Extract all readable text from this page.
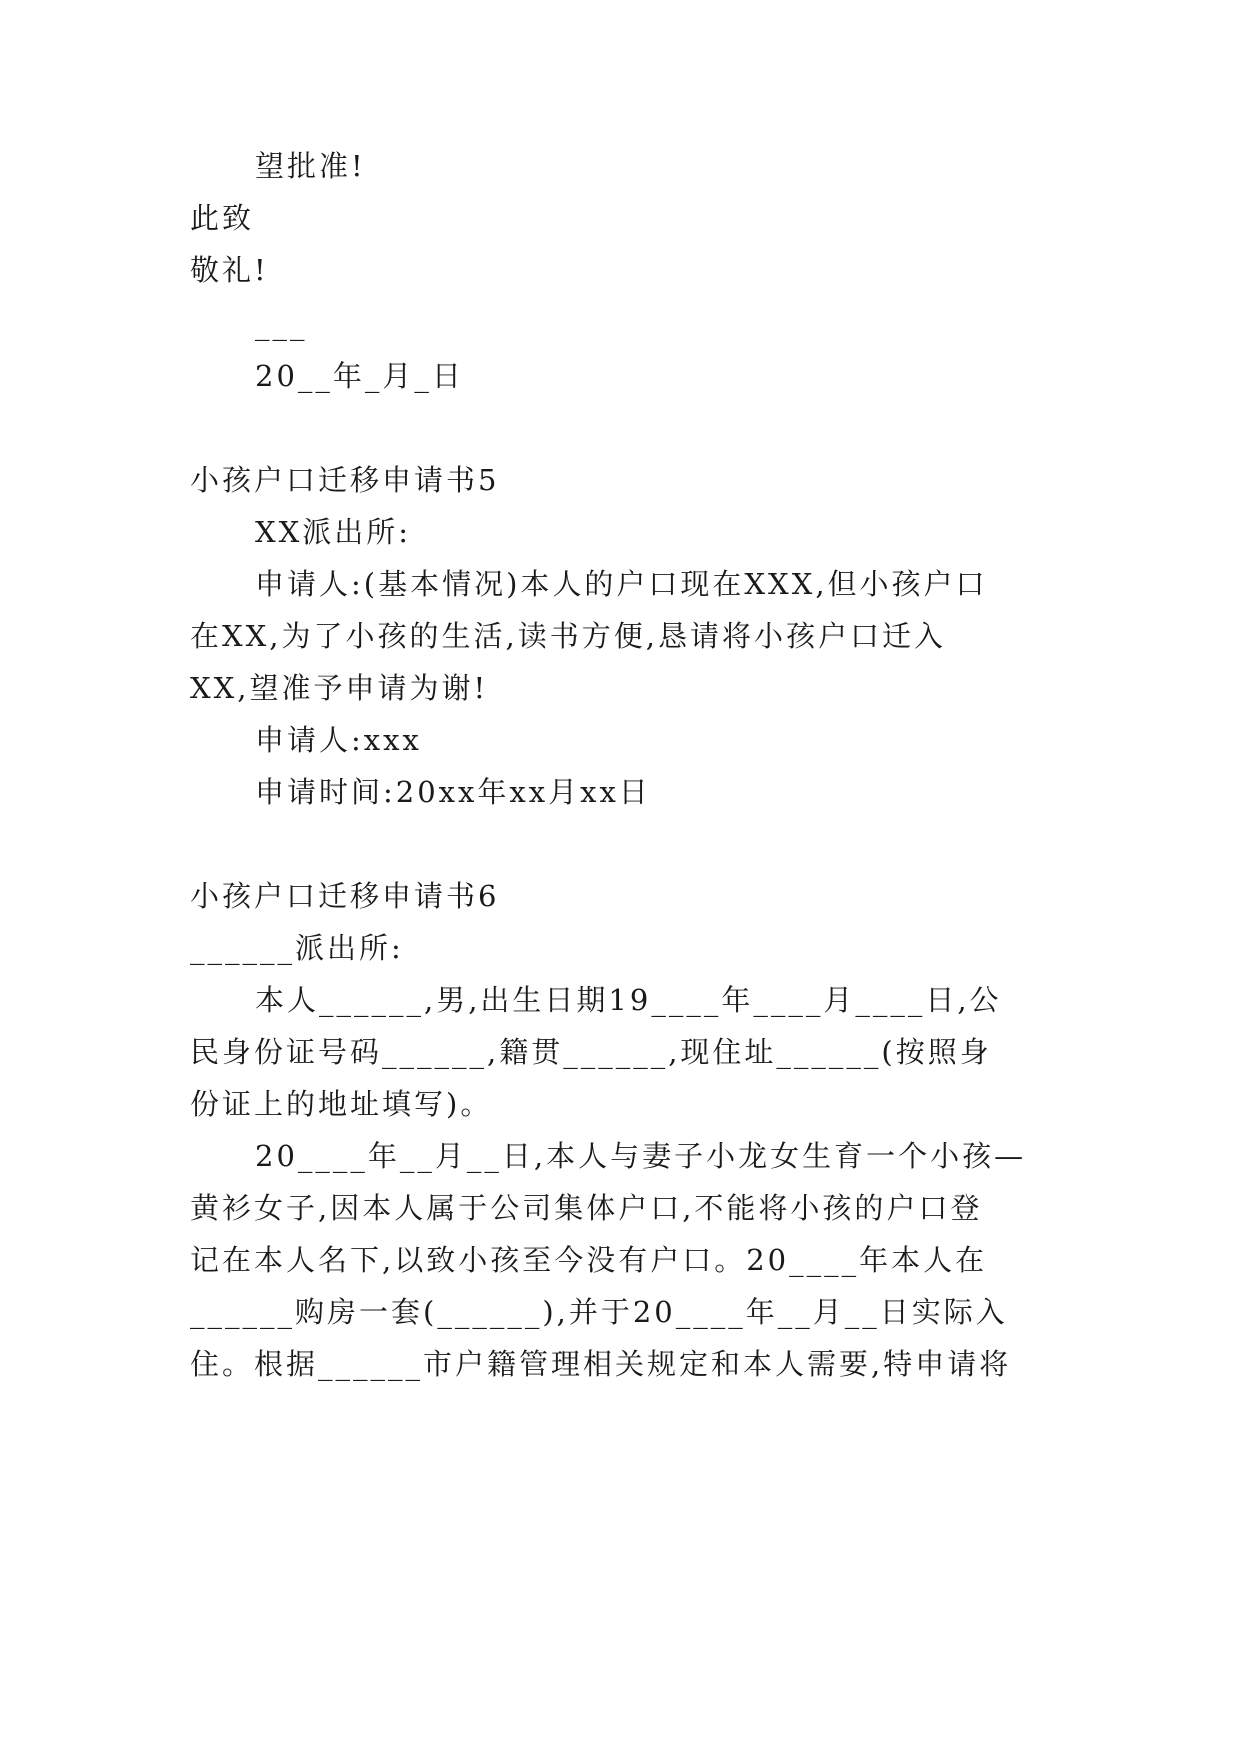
望批准!
此致
敬礼!
___
20__年_月_日
小孩户口迁移申请书5
XX派出所:
申请人:(基本情况)本人的户口现在XXX,但小孩户口
在XX,为了小孩的生活,读书方便,恳请将小孩户口迁入
XX,望准予申请为谢!
申请人:xxx
申请时间:20xx年xx月xx日
小孩户口迁移申请书6
______派出所:
本人______,男,出生日期19____年____月____日,公
民身份证号码______,籍贯______,现住址______(按照身
份证上的地址填写)。
20____年__月__日,本人与妻子小龙女生育一个小孩—
黄衫女子,因本人属于公司集体户口,不能将小孩的户口登
记在本人名下,以致小孩至今没有户口。20____年本人在
______购房一套(______),并于20____年__月__日实际入
住。根据______市户籍管理相关规定和本人需要,特申请将
